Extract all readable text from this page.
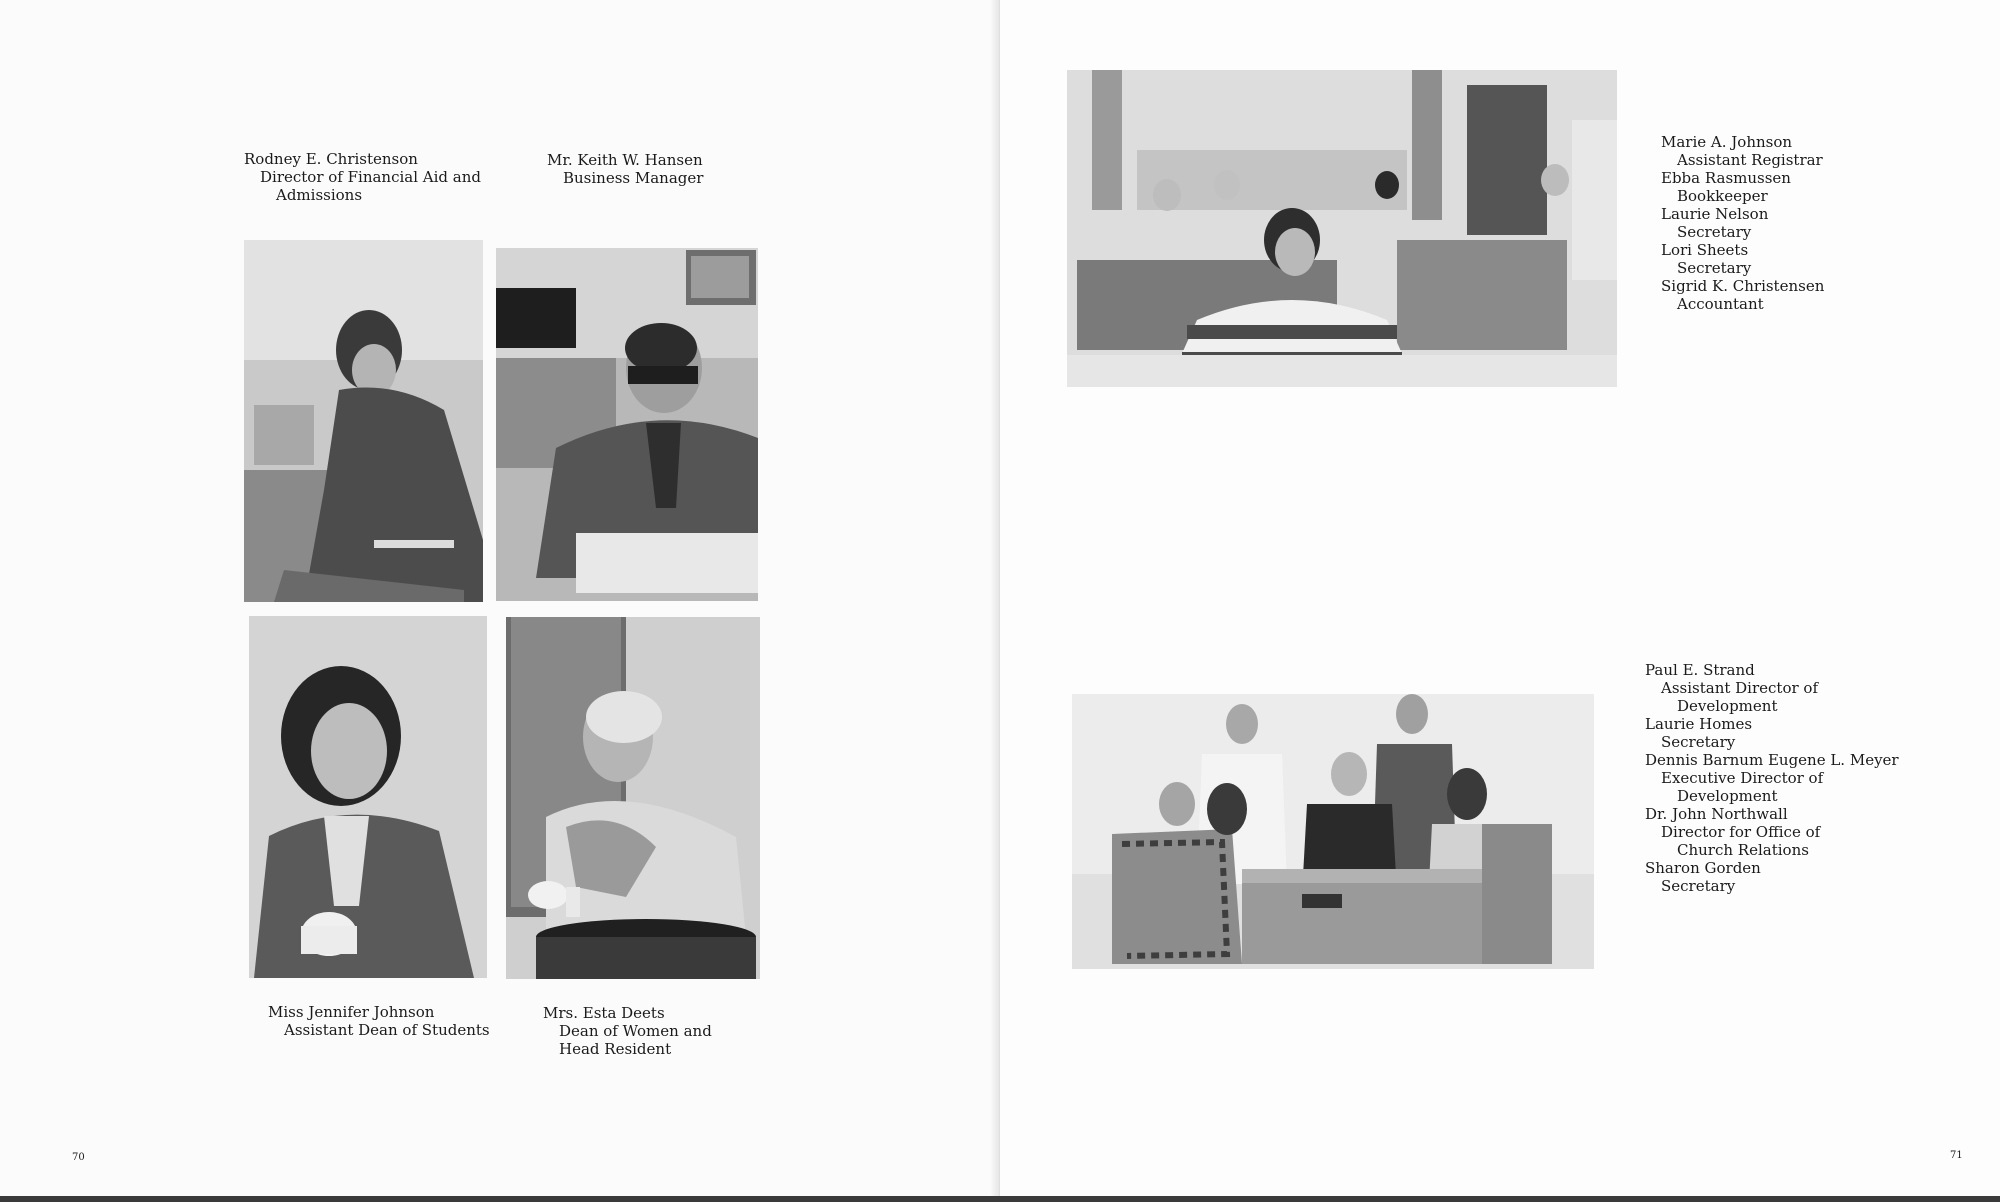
Rodney E. Christenson
Director of Financial Aid and
Admissions
Mr. Keith W. Hansen
Business Manager
Miss Jennifer Johnson
Assistant Dean of Students
Mrs. Esta Deets
Dean of Women and
Head Resident
70
Marie A. Johnson
Assistant Registrar
Ebba Rasmussen
Bookkeeper
Laurie Nelson
Secretary
Lori Sheets
Secretary
Sigrid K. Christensen
Accountant
Paul E. Strand
Assistant Director of
Development
Laurie Homes
Secretary
Dennis Barnum Eugene L. Meyer
Executive Director of
Development
Dr. John Northwall
Director for Office of
Church Relations
Sharon Gorden
Secretary
71
